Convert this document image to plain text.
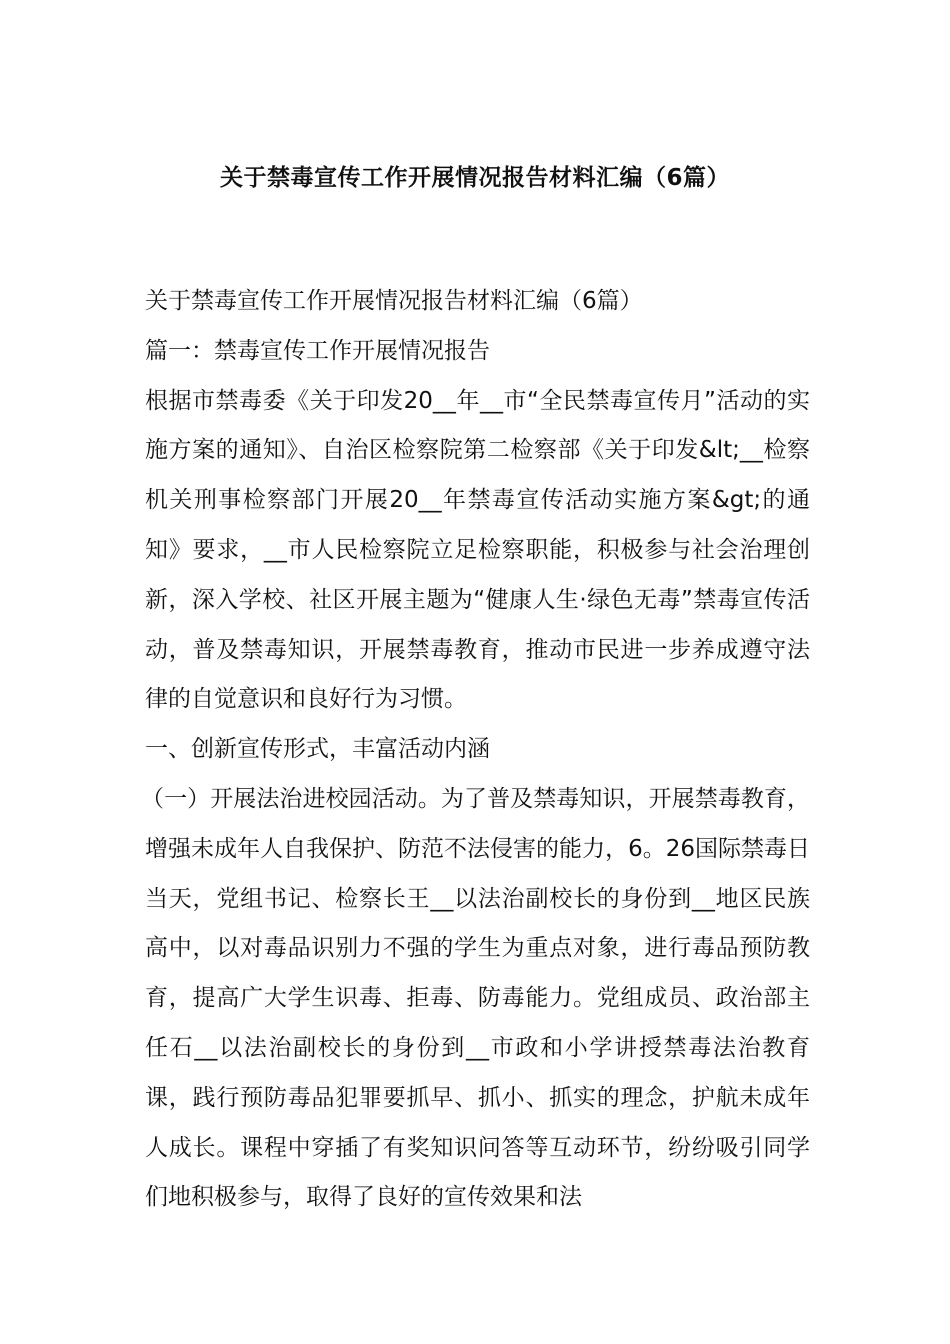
关于禁毒宣传工作开展情况报告材料汇编（6篇）

关于禁毒宣传工作开展情况报告材料汇编（6篇）

篇一：禁毒宣传工作开展情况报告

根据市禁毒委《关于印发20__年__市“全民禁毒宣传月”活动的实施方案的通知》、自治区检察院第二检察部《关于印发&lt;__检察机关刑事检察部门开展20__年禁毒宣传活动实施方案&gt;的通知》要求，__市人民检察院立足检察职能，积极参与社会治理创新，深入学校、社区开展主题为“健康人生·绿色无毒”禁毒宣传活动，普及禁毒知识，开展禁毒教育，推动市民进一步养成遵守法律的自觉意识和良好行为习惯。

一、创新宣传形式，丰富活动内涵

（一）开展法治进校园活动。为了普及禁毒知识，开展禁毒教育，增强未成年人自我保护、防范不法侵害的能力，6。26国际禁毒日当天，党组书记、检察长王__以法治副校长的身份到__地区民族高中，以对毒品识别力不强的学生为重点对象，进行毒品预防教育，提高广大学生识毒、拒毒、防毒能力。党组成员、政治部主任石__以法治副校长的身份到__市政和小学讲授禁毒法治教育课，践行预防毒品犯罪要抓早、抓小、抓实的理念，护航未成年人成长。课程中穿插了有奖知识问答等互动环节，纷纷吸引同学们地积极参与，取得了良好的宣传效果和法
